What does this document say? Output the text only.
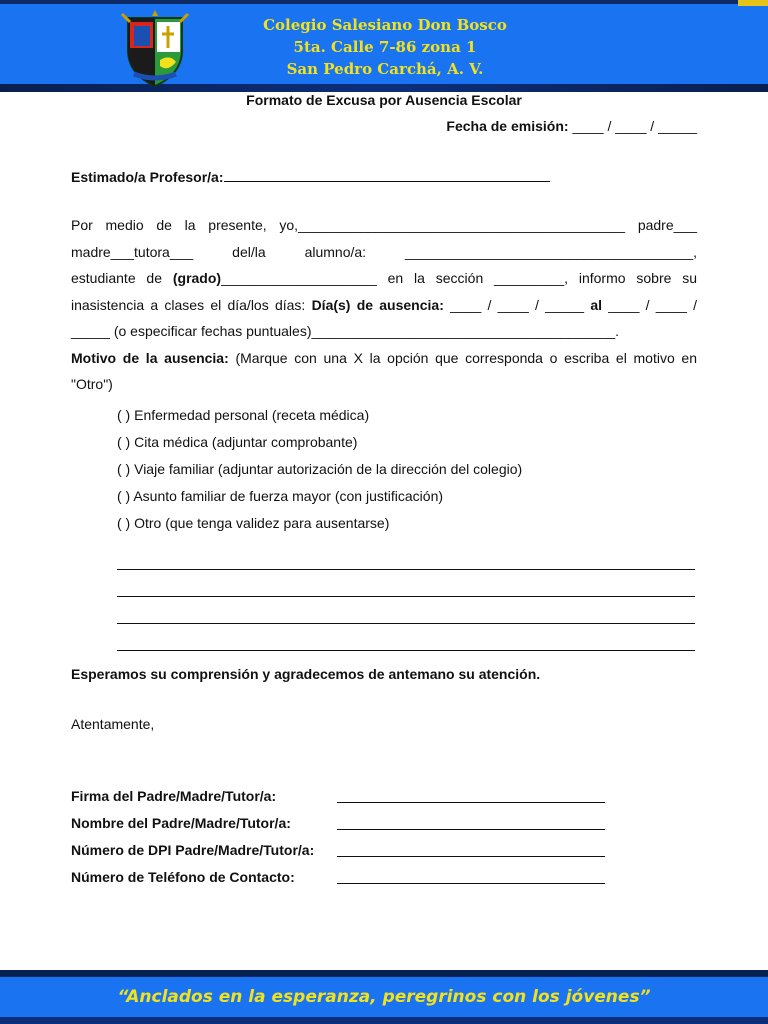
Colegio Salesiano Don Bosco
5ta. Calle 7-86 zona 1
San Pedro Carchá, A. V.
Formato de Excusa por Ausencia Escolar
Fecha de emisión: ____ / ____ / _____
Estimado/a Profesor/a:

Por medio de la presente, yo,__________________________________________ padre___

madre___tutora___ del/la alumno/a:	_____________________________________,

estudiante de (grado)____________________ en la sección _________, informo sobre su

inasistencia a clases el día/los días: Día(s) de ausencia: ____ / ____ / _____ al ____ / ____ /

_____ (o especificar fechas puntuales)_______________________________________.

Motivo de la ausencia: (Marque con una X la opción que corresponda o escriba el motivo en "Otro")

( ) Enfermedad personal (receta médica)
( ) Cita médica (adjuntar comprobante)
( ) Viaje familiar (adjuntar autorización de la dirección del colegio)
( ) Asunto familiar de fuerza mayor (con justificación)
( ) Otro (que tenga validez para ausentarse)
Esperamos su comprensión y agradecemos de antemano su atención.
Atentamente,
Firma del Padre/Madre/Tutor/a:
Nombre del Padre/Madre/Tutor/a:
Número de DPI Padre/Madre/Tutor/a:
Número de Teléfono de Contacto:
“Anclados en la esperanza, peregrinos con los jóvenes”
